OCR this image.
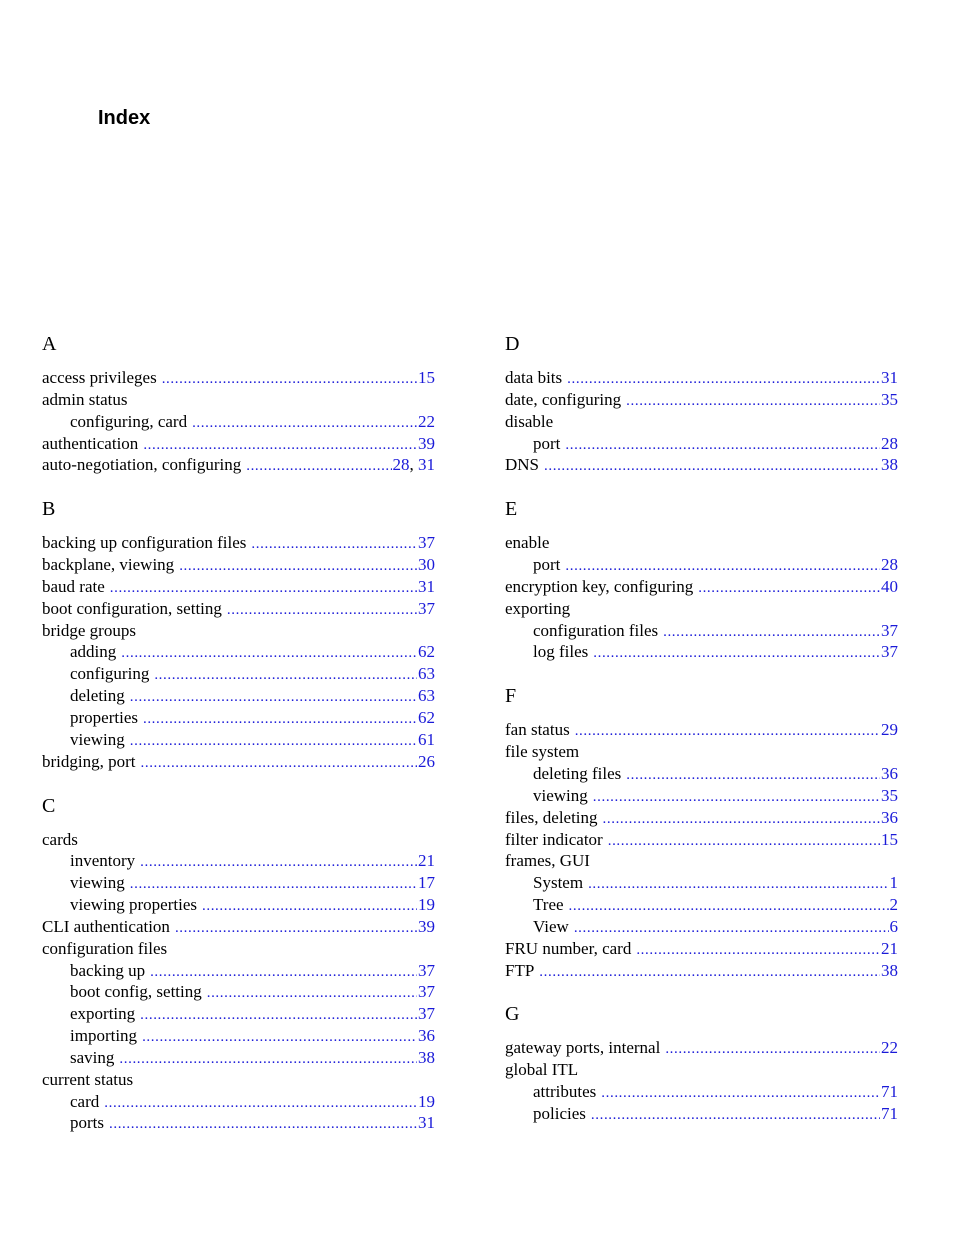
Index
A
access privileges .....	15
admin status
configuring, card .....	22
authentication .....	39
auto-negotiation, configuring .....	28, 31
B
backing up configuration files .....	37
backplane, viewing .....	30
baud rate .....	31
boot configuration, setting .....	37
bridge groups
adding .....	62
configuring .....	63
deleting .....	63
properties .....	62
viewing .....	61
bridging, port .....	26
C
cards
inventory .....	21
viewing .....	17
viewing properties .....	19
CLI authentication .....	39
configuration files
backing up .....	37
boot config, setting .....	37
exporting .....	37
importing .....	36
saving .....	38
current status
card .....	19
ports .....	31
D
data bits .....	31
date, configuring .....	35
disable
port .....	28
DNS .....	38
E
enable
port .....	28
encryption key, configuring .....	40
exporting
configuration files .....	37
log files .....	37
F
fan status .....	29
file system
deleting files .....	36
viewing .....	35
files, deleting .....	36
filter indicator .....	15
frames, GUI
System .....	1
Tree .....	2
View .....	6
FRU number, card .....	21
FTP .....	38
G
gateway ports, internal .....	22
global ITL
attributes .....	71
policies .....	71
